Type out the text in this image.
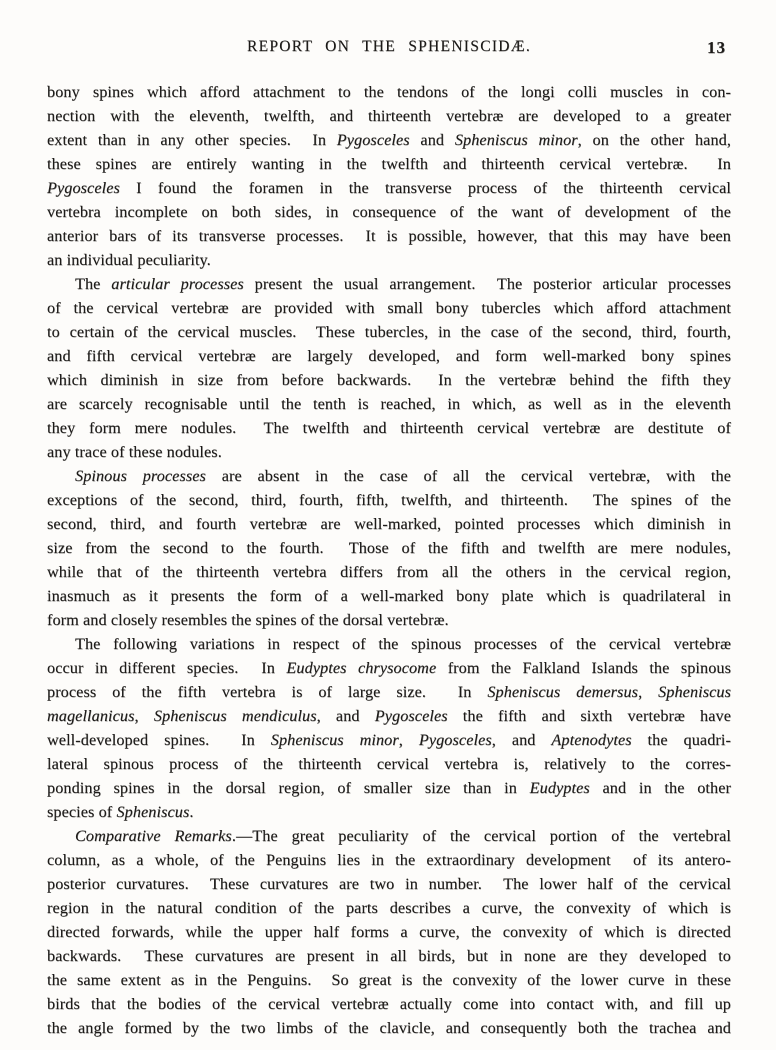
REPORT ON THE SPHENISCIDÆ.	13
bony spines which afford attachment to the tendons of the longi colli muscles in con-
nection with the eleventh, twelfth, and thirteenth vertebræ are developed to a greater
extent than in any other species.  In Pygosceles and Spheniscus minor, on the other hand,
these spines are entirely wanting in the twelfth and thirteenth cervical vertebræ.  In
Pygosceles I found the foramen in the transverse process of the thirteenth cervical
vertebra incomplete on both sides, in consequence of the want of development of the
anterior bars of its transverse processes.  It is possible, however, that this may have been
an individual peculiarity.
The articular processes present the usual arrangement.  The posterior articular processes
of the cervical vertebræ are provided with small bony tubercles which afford attachment
to certain of the cervical muscles.  These tubercles, in the case of the second, third, fourth,
and fifth cervical vertebræ are largely developed, and form well-marked bony spines
which diminish in size from before backwards.  In the vertebræ behind the fifth they
are scarcely recognisable until the tenth is reached, in which, as well as in the eleventh
they form mere nodules.  The twelfth and thirteenth cervical vertebræ are destitute of
any trace of these nodules.
Spinous processes are absent in the case of all the cervical vertebræ, with the
exceptions of the second, third, fourth, fifth, twelfth, and thirteenth.  The spines of the
second, third, and fourth vertebræ are well-marked, pointed processes which diminish in
size from the second to the fourth.  Those of the fifth and twelfth are mere nodules,
while that of the thirteenth vertebra differs from all the others in the cervical region,
inasmuch as it presents the form of a well-marked bony plate which is quadrilateral in
form and closely resembles the spines of the dorsal vertebræ.
The following variations in respect of the spinous processes of the cervical vertebræ
occur in different species.  In Eudyptes chrysocome from the Falkland Islands the spinous
process of the fifth vertebra is of large size.  In Spheniscus demersus, Spheniscus
magellanicus, Spheniscus mendiculus, and Pygosceles the fifth and sixth vertebræ have
well-developed spines.  In Spheniscus minor, Pygosceles, and Aptenodytes the quadri-
lateral spinous process of the thirteenth cervical vertebra is, relatively to the corres-
ponding spines in the dorsal region, of smaller size than in Eudyptes and in the other
species of Spheniscus.
Comparative Remarks.—The great peculiarity of the cervical portion of the vertebral
column, as a whole, of the Penguins lies in the extraordinary development  of its antero-
posterior curvatures.  These curvatures are two in number.  The lower half of the cervical
region in the natural condition of the parts describes a curve, the convexity of which is
directed forwards, while the upper half forms a curve, the convexity of which is directed
backwards.  These curvatures are present in all birds, but in none are they developed to
the same extent as in the Penguins.  So great is the convexity of the lower curve in these
birds that the bodies of the cervical vertebræ actually come into contact with, and fill up
the angle formed by the two limbs of the clavicle, and consequently both the trachea and
